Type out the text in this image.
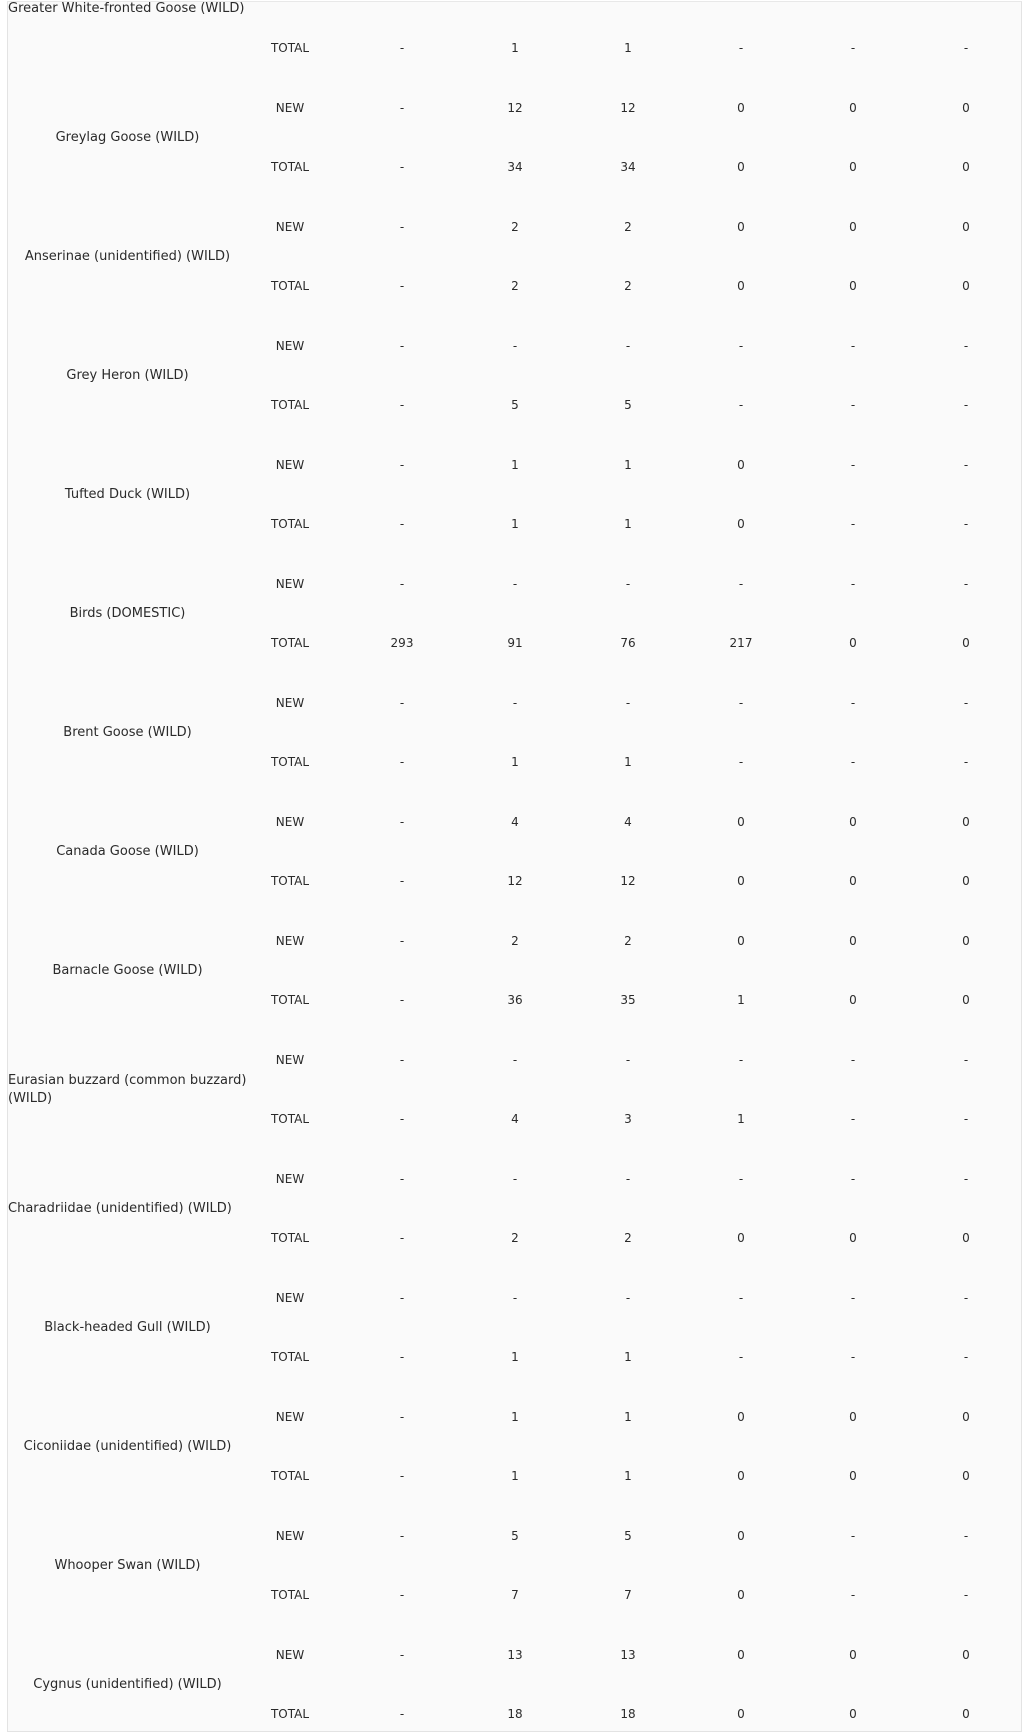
Greater White-fronted Goose (WILD)
TOTAL	-	1	1	-	-	-
Greylag Goose (WILD)
NEW	-	12	12	0	0	0
TOTAL	-	34	34	0	0	0
Anserinae (unidentified) (WILD)
NEW	-	2	2	0	0	0
TOTAL	-	2	2	0	0	0
Grey Heron (WILD)
NEW	-	-	-	-	-	-
TOTAL	-	5	5	-	-	-
Tufted Duck (WILD)
NEW	-	1	1	0	-	-
TOTAL	-	1	1	0	-	-
Birds (DOMESTIC)
NEW	-	-	-	-	-	-
TOTAL	293	91	76	217	0	0
Brent Goose (WILD)
NEW	-	-	-	-	-	-
TOTAL	-	1	1	-	-	-
Canada Goose (WILD)
NEW	-	4	4	0	0	0
TOTAL	-	12	12	0	0	0
Barnacle Goose (WILD)
NEW	-	2	2	0	0	0
TOTAL	-	36	35	1	0	0
Eurasian buzzard (common buzzard) (WILD)
NEW	-	-	-	-	-	-
TOTAL	-	4	3	1	-	-
Charadriidae (unidentified) (WILD)
NEW	-	-	-	-	-	-
TOTAL	-	2	2	0	0	0
Black-headed Gull (WILD)
NEW	-	-	-	-	-	-
TOTAL	-	1	1	-	-	-
Ciconiidae (unidentified) (WILD)
NEW	-	1	1	0	0	0
TOTAL	-	1	1	0	0	0
Whooper Swan (WILD)
NEW	-	5	5	0	-	-
TOTAL	-	7	7	0	-	-
Cygnus (unidentified) (WILD)
NEW	-	13	13	0	0	0
TOTAL	-	18	18	0	0	0
